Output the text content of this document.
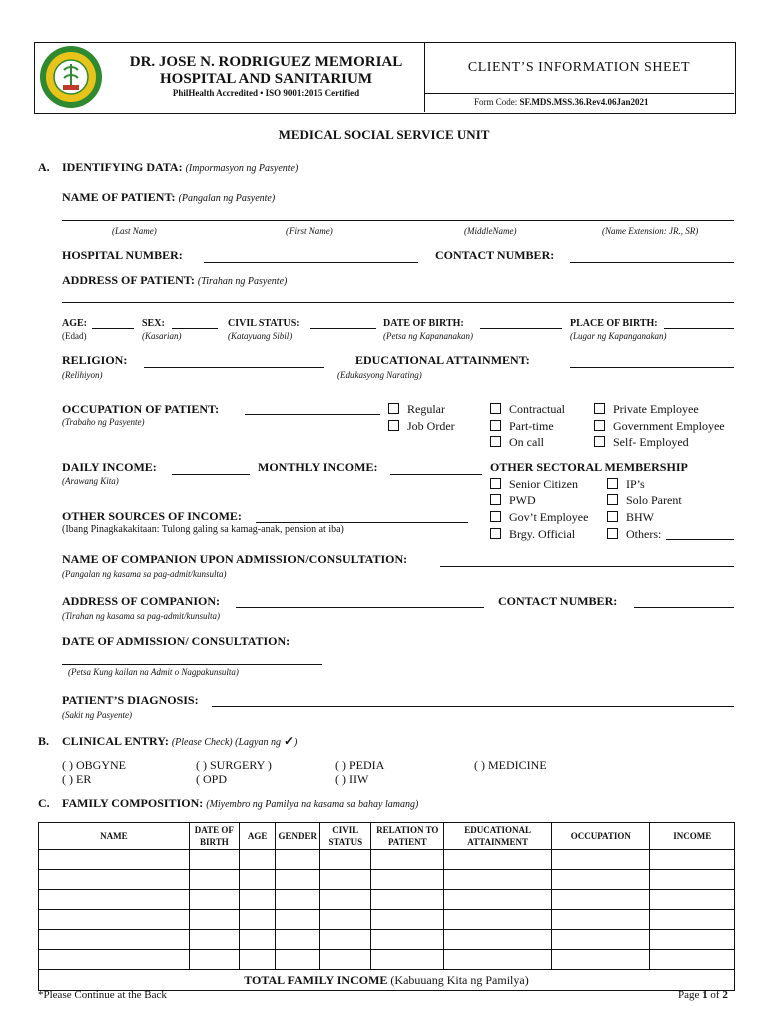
DR. JOSE N. RODRIGUEZ MEMORIAL
HOSPITAL AND SANITARIUM
PhilHealth Accredited • ISO 9001:2015 Certified
CLIENT’S INFORMATION SHEET
Form Code: SF.MDS.MSS.36.Rev4.06Jan2021
MEDICAL SOCIAL SERVICE UNIT
A. IDENTIFYING DATA: (Impormasyon ng Pasyente)
NAME OF PATIENT: (Pangalan ng Pasyente)
(Last Name)	(First Name)	(MiddleName)	(Name Extension: JR., SR)
HOSPITAL NUMBER:	CONTACT NUMBER:
ADDRESS OF PATIENT: (Tirahan ng Pasyente)
AGE:
(Edad)
SEX:
(Kasarian)
CIVIL STATUS:
(Katayuang Sibil)
DATE OF BIRTH:
(Petsa ng Kapananakan)
PLACE OF BIRTH:
(Lugar ng Kapanganakan)
RELIGION:
(Relihiyon)
EDUCATIONAL ATTAINMENT:
(Edukasyong Narating)
OCCUPATION OF PATIENT:
(Trabaho ng Pasyente)
Regular
Job Order
Contractual
Part-time
On call
Private Employee
Government Employee
Self- Employed
DAILY INCOME:
(Arawang Kita)
MONTHLY INCOME:	OTHER SECTORAL MEMBERSHIP
Senior Citizen
PWD
Gov’t Employee
Brgy. Official
IP’s
Solo Parent
BHW
Others:
OTHER SOURCES OF INCOME:
(Ibang Pinagkakakitaan: Tulong galing sa kamag-anak, pension at iba)
NAME OF COMPANION UPON ADMISSION/CONSULTATION:
(Pangalan ng kasama sa pag-admit/kunsulta)
ADDRESS OF COMPANION:
(Tirahan ng kasama sa pag-admit/kunsulta)
CONTACT NUMBER:
DATE OF ADMISSION/ CONSULTATION:
(Petsa Kung kailan na Admit o Nagpakunsulta)
PATIENT’S DIAGNOSIS:
(Sakit ng Pasyente)
B. CLINICAL ENTRY: (Please Check) (Lagyan ng ✓)
( ) OBGYNE
( ) ER
( ) SURGERY )
( OPD
( ) PEDIA
( ) IIW
( ) MEDICINE
C. FAMILY COMPOSITION: (Miyembro ng Pamilya na kasama sa bahay lamang)
NAME	DATE OF BIRTH	AGE	GENDER	CIVIL STATUS	RELATION TO PATIENT	EDUCATIONAL ATTAINMENT	OCCUPATION	INCOME

TOTAL FAMILY INCOME (Kabuuang Kita ng Pamilya)								
*Please Continue at the Back	Page 1 of 2
